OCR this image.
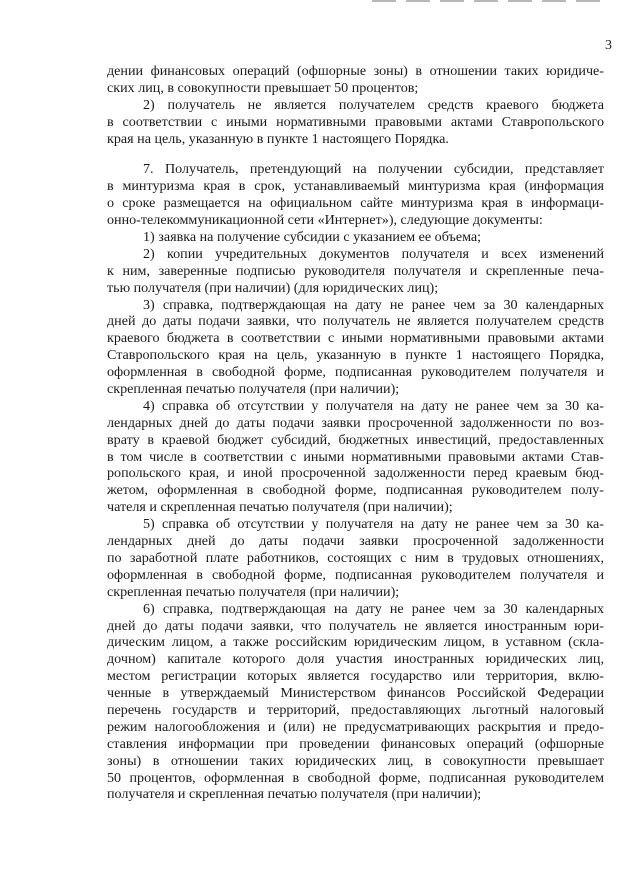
3
дении финансовых операций (офшорные зоны) в отношении таких юридиче-
ских лиц, в совокупности превышает 50 процентов;
2) получатель не является получателем средств краевого бюджета
в соответствии с иными нормативными правовыми актами Ставропольского
края на цель, указанную в пункте 1 настоящего Порядка.
7. Получатель, претендующий на получении субсидии, представляет
в минтуризма края в срок, устанавливаемый минтуризма края (информация
о сроке размещается на официальном сайте минтуризма края в информаци-
онно-телекоммуникационной сети «Интернет»), следующие документы:
1) заявка на получение субсидии с указанием ее объема;
2) копии учредительных документов получателя и всех изменений
к ним, заверенные подписью руководителя получателя и скрепленные печа-
тью получателя (при наличии) (для юридических лиц);
3) справка, подтверждающая на дату не ранее чем за 30 календарных
дней до даты подачи заявки, что получатель не является получателем средств
краевого бюджета в соответствии с иными нормативными правовыми актами
Ставропольского края на цель, указанную в пункте 1 настоящего Порядка,
оформленная в свободной форме, подписанная руководителем получателя и
скрепленная печатью получателя (при наличии);
4) справка об отсутствии у получателя на дату не ранее чем за 30 ка-
лендарных дней до даты подачи заявки просроченной задолженности по воз-
врату в краевой бюджет субсидий, бюджетных инвестиций, предоставленных
в том числе в соответствии с иными нормативными правовыми актами Став-
ропольского края, и иной просроченной задолженности перед краевым бюд-
жетом, оформленная в свободной форме, подписанная руководителем полу-
чателя и скрепленная печатью получателя (при наличии);
5) справка об отсутствии у получателя на дату не ранее чем за 30 ка-
лендарных дней до даты подачи заявки просроченной задолженности
по заработной плате работников, состоящих с ним в трудовых отношениях,
оформленная в свободной форме, подписанная руководителем получателя и
скрепленная печатью получателя (при наличии);
6) справка, подтверждающая на дату не ранее чем за 30 календарных
дней до даты подачи заявки, что получатель не является иностранным юри-
дическим лицом, а также российским юридическим лицом, в уставном (скла-
дочном) капитале которого доля участия иностранных юридических лиц,
местом регистрации которых является государство или территория, вклю-
ченные в утверждаемый Министерством финансов Российской Федерации
перечень государств и территорий, предоставляющих льготный налоговый
режим налогообложения и (или) не предусматривающих раскрытия и предо-
ставления информации при проведении финансовых операций (офшорные
зоны) в отношении таких юридических лиц, в совокупности превышает
50 процентов, оформленная в свободной форме, подписанная руководителем
получателя и скрепленная печатью получателя (при наличии);
